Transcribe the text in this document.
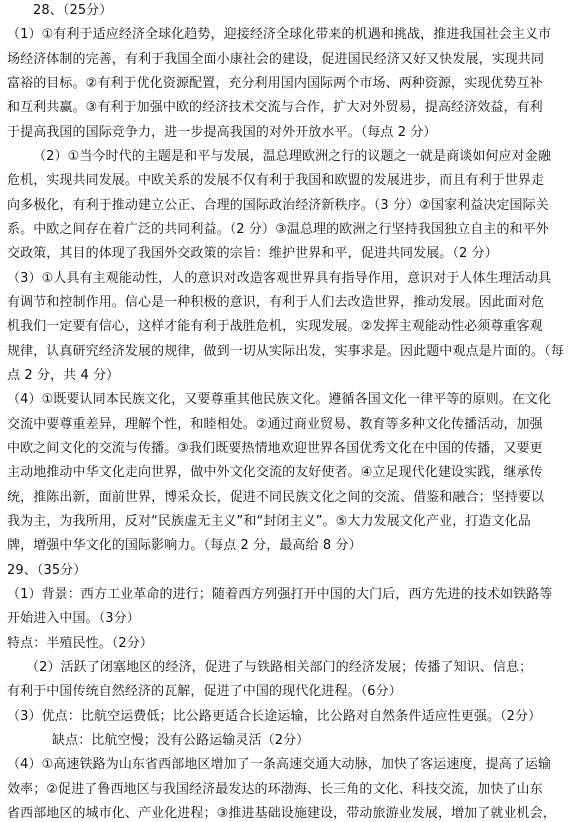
28、（25分）
（1）①有利于适应经济全球化趋势，迎接经济全球化带来的机遇和挑战，推进我国社会主义市
场经济体制的完善，有利于我国全面小康社会的建设，促进国民经济又好又快发展，实现共同
富裕的目标。②有利于优化资源配置，充分利用国内国际两个市场、两种资源，实现优势互补
和互利共赢。③有利于加强中欧的经济技术交流与合作，扩大对外贸易，提高经济效益，有利
于提高我国的国际竞争力，进一步提高我国的对外开放水平。（每点 2 分）
（2）①当今时代的主题是和平与发展，温总理欧洲之行的议题之一就是商谈如何应对金融
危机，实现共同发展。中欧关系的发展不仅有利于我国和欧盟的发展进步，而且有利于世界走
向多极化，有利于推动建立公正、合理的国际政治经济新秩序。（3 分）②国家利益决定国际关
系。中欧之间存在着广泛的共同利益。（2 分）③温总理的欧洲之行坚持我国独立自主的和平外
交政策，其目的体现了我国外交政策的宗旨：维护世界和平，促进共同发展。（2 分）
（3）①人具有主观能动性，人的意识对改造客观世界具有指导作用，意识对于人体生理活动具
有调节和控制作用。信心是一种积极的意识，有利于人们去改造世界，推动发展。因此面对危
机我们一定要有信心，这样才能有利于战胜危机，实现发展。②发挥主观能动性必须尊重客观
规律，认真研究经济发展的规律，做到一切从实际出发，实事求是。因此题中观点是片面的。（每
点 2 分，共 4 分）
（4）①既要认同本民族文化，又要尊重其他民族文化。遵循各国文化一律平等的原则。在文化
交流中要尊重差异，理解个性，和睦相处。②通过商业贸易、教育等多种文化传播活动，加强
中欧之间文化的交流与传播。③我们既要热情地欢迎世界各国优秀文化在中国的传播，又要更
主动地推动中华文化走向世界，做中外文化交流的友好使者。④立足现代化建设实践，继承传
统，推陈出新，面前世界，博采众长，促进不同民族文化之间的交流、借鉴和融合；坚持要以
我为主，为我所用，反对“民族虚无主义”和“封闭主义”。⑤大力发展文化产业，打造文化品
牌，增强中华文化的国际影响力。（每点 2 分，最高给 8 分）
29、（35分）
（1）背景：西方工业革命的进行；随着西方列强打开中国的大门后，西方先进的技术如铁路等
开始进入中国。（3分）
特点：半殖民性。（2分）
（2）活跃了闭塞地区的经济，促进了与铁路相关部门的经济发展；传播了知识、信息；
有利于中国传统自然经济的瓦解，促进了中国的现代化进程。（6分）
（3）优点：比航空运费低；比公路更适合长途运输，比公路对自然条件适应性更强。（2分）
缺点：比航空慢；没有公路运输灵活（2分）
（4）①高速铁路为山东省西部地区增加了一条高速交通大动脉，加快了客运速度，提高了运输
效率；②促进了鲁西地区与我国经济最发达的环渤海、长三角的文化、科技交流，加快了山东
省西部地区的城市化、产业化进程；③推进基础设施建设，带动旅游业发展，增加了就业机会，
